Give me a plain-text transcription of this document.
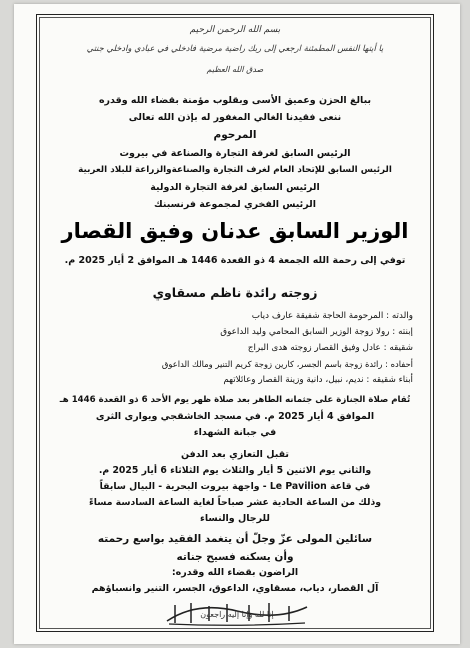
بسم الله الرحمن الرحيم
يا أيتها النفس المطمئنة ارجعي إلى ربك راضية مرضية فادخلي في عبادي وادخلي جنتي
صدق الله العظيم
ببالغ الحزن وعميق الأسى وبقلوب مؤمنة بقضاء الله وقدره
ننعى فقيدنا الغالي المغفور له بإذن الله تعالى
المرحوم
الرئيس السابق لغرفة التجارة والصناعة في بيروت
الرئيس السابق للإتحاد العام لغرف التجارة والصناعةوالزراعة للبلاد العربية
الرئيس السابق لغرفة التجارة الدولية
الرئيس الفخري لمجموعة فرنسبنك
الوزير السابق عدنان وفيق القصار
توفي إلى رحمة الله الجمعة 4 ذو القعدة 1446 هـ الموافق 2 أيار 2025 م.
زوجته رائدة ناظم مسقاوي
والدته : المرحومة الحاجة شفيقة عارف دياب
إبنته : رولا زوجة الوزير السابق المحامي وليد الداعوق
شقيقه : عادل وفيق القصار زوجته هدى البراج
أحفاده : رائدة زوجة باسم الجسر، كارين زوجة كريم التنير ومالك الداعوق
أبناء شقيقه : نديم، نبيل، دانية وزينة القصار وعائلاتهم
تُقام صلاة الجنازة على جثمانه الطاهر بعد صلاة ظهر يوم الأحد 6 ذو القعدة 1446 هـ
الموافق 4 أيار 2025 م. في مسجد الخاشقجي ويوارى الثرى
في جبانة الشهداء
تقبل التعازي بعد الدفن
والثاني يوم الاثنين 5 أيار والثلاث يوم الثلاثاء 6 أيار 2025 م.
في قاعة Le Pavilion - واجهة بيروت البحرية - البيال سابقاً
وذلك من الساعة الحادية عشر صباحاً لغاية الساعة السادسة مساءً
للرجال والنساء
سائلين المولى عزّ وجلّ أن يتغمد الفقيد بواسع رحمته
وأن يسكنه فسيح جناته
الراضون بقضاء الله وقدره:
آل القصار، دياب، مسقاوي، الداعوق، الجسر، التنير وانسباؤهم
إنا لله وإنا إليه راجعون
